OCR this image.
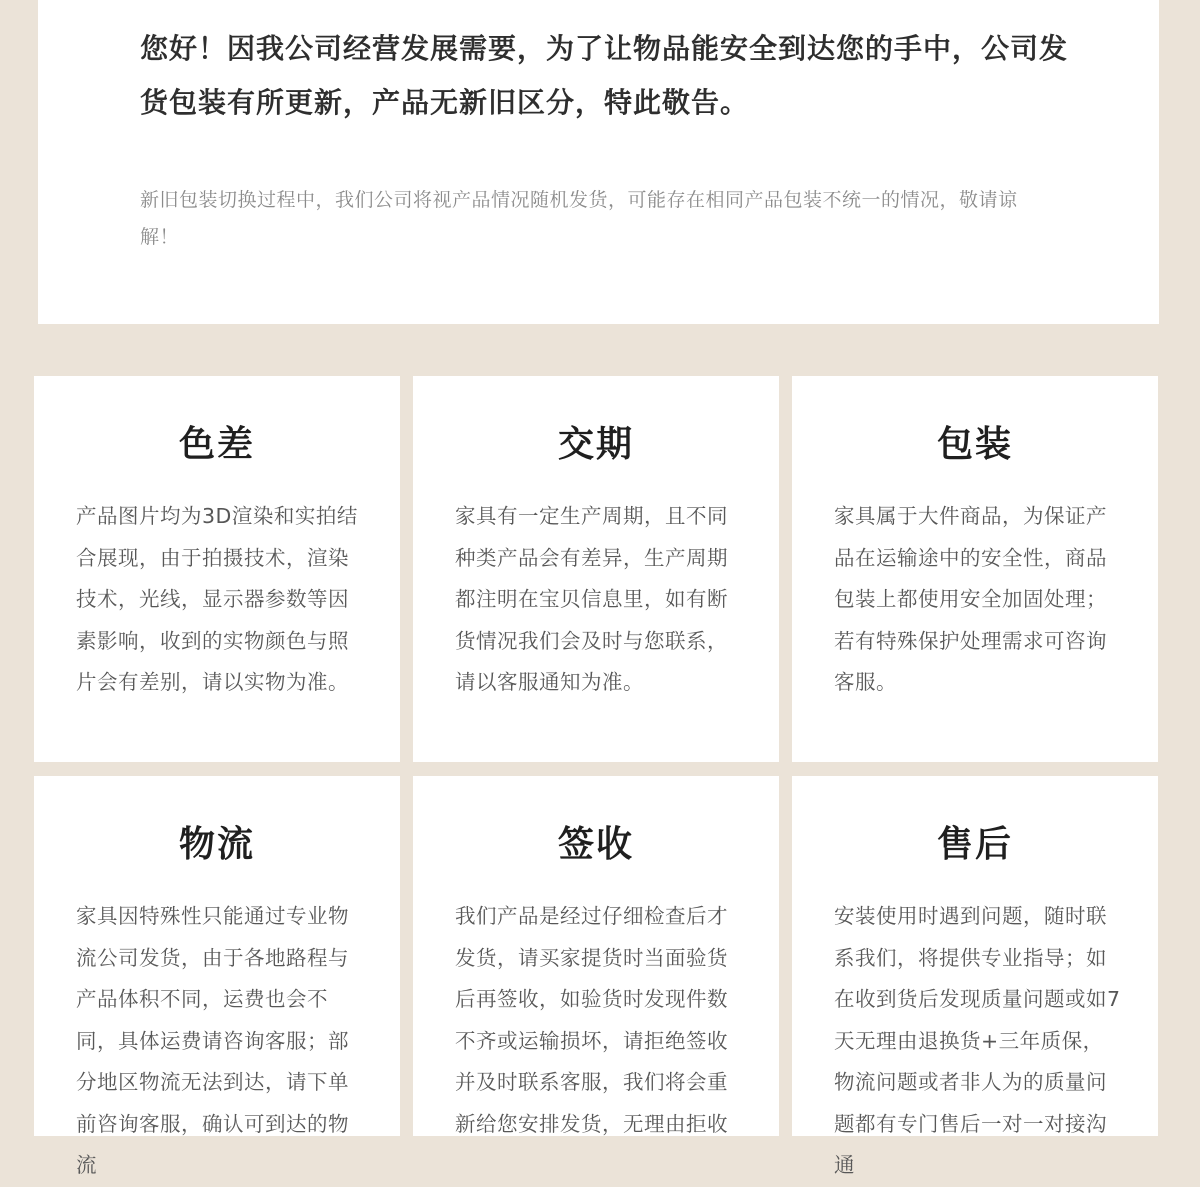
您好！因我公司经营发展需要，为了让物品能安全到达您的手中，公司发货包装有所更新，产品无新旧区分，特此敬告。
新旧包装切换过程中，我们公司将视产品情况随机发货，可能存在相同产品包装不统一的情况，敬请谅解！
色差
产品图片均为3D渲染和实拍结合展现，由于拍摄技术，渲染技术，光线，显示器参数等因素影响，收到的实物颜色与照片会有差别，请以实物为准。
交期
家具有一定生产周期，且不同种类产品会有差异，生产周期都注明在宝贝信息里，如有断货情况我们会及时与您联系，请以客服通知为准。
包装
家具属于大件商品，为保证产品在运输途中的安全性，商品包装上都使用安全加固处理；若有特殊保护处理需求可咨询客服。
物流
家具因特殊性只能通过专业物流公司发货，由于各地路程与产品体积不同，运费也会不同，具体运费请咨询客服；部分地区物流无法到达，请下单前咨询客服，确认可到达的物流
签收
我们产品是经过仔细检查后才发货，请买家提货时当面验货后再签收，如验货时发现件数不齐或运输损坏，请拒绝签收并及时联系客服，我们将会重新给您安排发货，无理由拒收
售后
安装使用时遇到问题，随时联系我们，将提供专业指导；如在收到货后发现质量问题或如7天无理由退换货+三年质保，物流问题或者非人为的质量问题都有专门售后一对一对接沟通
